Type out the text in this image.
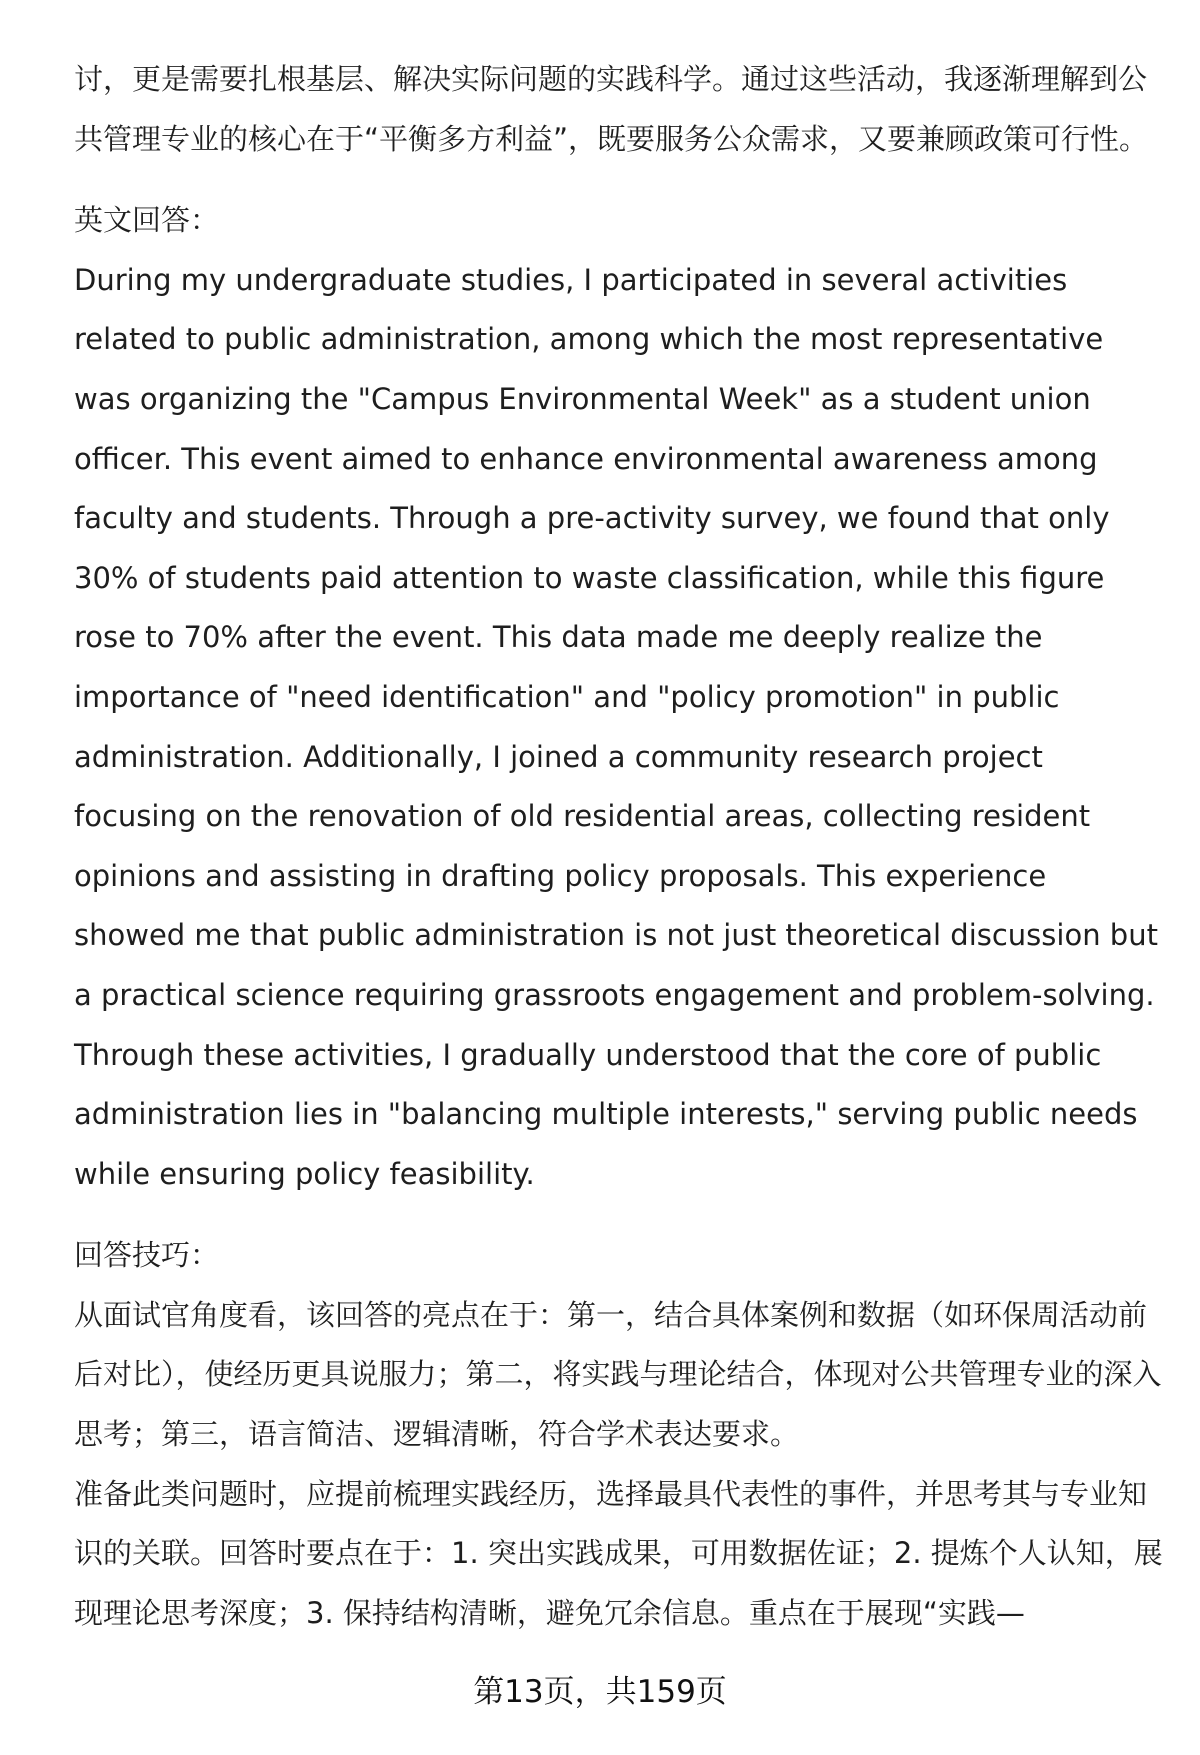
讨，更是需要扎根基层、解决实际问题的实践科学。通过这些活动，我逐渐理解到公共管理专业的核心在于“平衡多方利益”，既要服务公众需求，又要兼顾政策可行性。

英文回答：

During my undergraduate studies, I participated in several activities related to public administration, among which the most representative was organizing the "Campus Environmental Week" as a student union officer. This event aimed to enhance environmental awareness among faculty and students. Through a pre-activity survey, we found that only 30% of students paid attention to waste classification, while this figure rose to 70% after the event. This data made me deeply realize the importance of "need identification" and "policy promotion" in public administration. Additionally, I joined a community research project focusing on the renovation of old residential areas, collecting resident opinions and assisting in drafting policy proposals. This experience showed me that public administration is not just theoretical discussion but a practical science requiring grassroots engagement and problem-solving. Through these activities, I gradually understood that the core of public administration lies in "balancing multiple interests," serving public needs while ensuring policy feasibility.

回答技巧：

从面试官角度看，该回答的亮点在于：第一，结合具体案例和数据（如环保周活动前后对比），使经历更具说服力；第二，将实践与理论结合，体现对公共管理专业的深入思考；第三，语言简洁、逻辑清晰，符合学术表达要求。

准备此类问题时，应提前梳理实践经历，选择最具代表性的事件，并思考其与专业知识的关联。回答时要点在于：1. 突出实践成果，可用数据佐证；2. 提炼个人认知，展现理论思考深度；3. 保持结构清晰，避免冗余信息。重点在于展现“实践—

第13页，共159页
